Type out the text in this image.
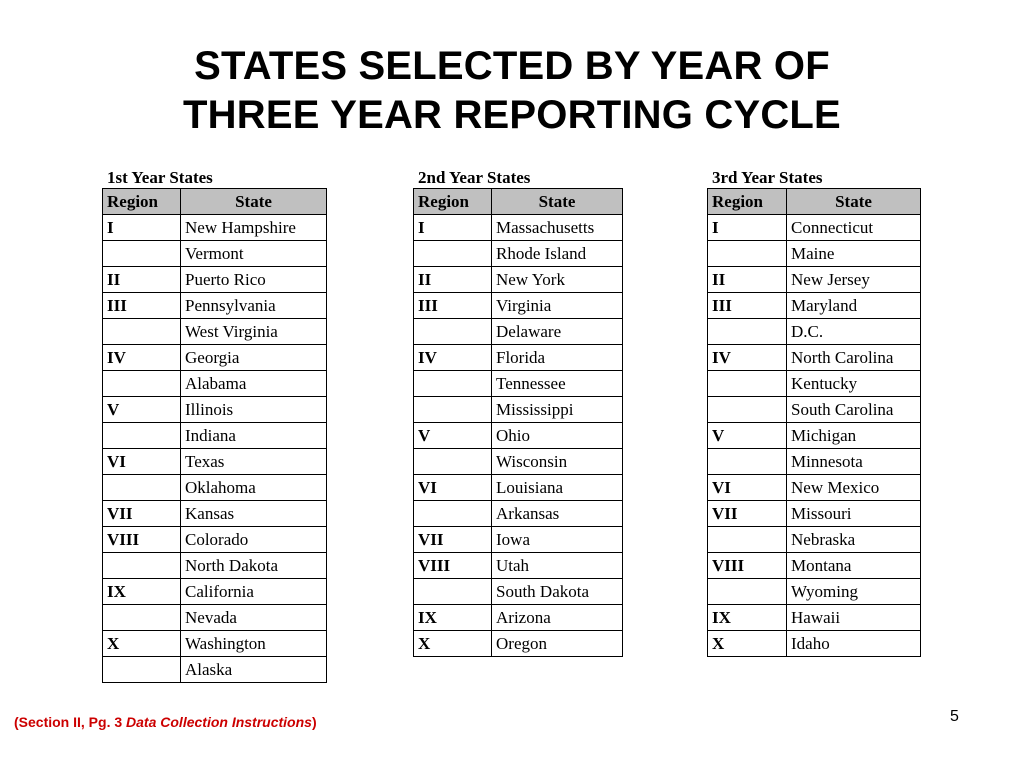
STATES SELECTED BY YEAR OF
THREE YEAR REPORTING CYCLE
1st Year States
Region	State
I	New Hampshire
	Vermont
II	Puerto Rico
III	Pennsylvania
	West Virginia
IV	Georgia
	Alabama
V	Illinois
	Indiana
VI	Texas
	Oklahoma
VII	Kansas
VIII	Colorado
	North Dakota
IX	California
	Nevada
X	Washington
	Alaska
2nd Year States
Region	State
I	Massachusetts
	Rhode Island
II	New York
III	Virginia
	Delaware
IV	Florida
	Tennessee
	Mississippi
V	Ohio
	Wisconsin
VI	Louisiana
	Arkansas
VII	Iowa
VIII	Utah
	South Dakota
IX	Arizona
X	Oregon
3rd Year States
Region	State
I	Connecticut
	Maine
II	New Jersey
III	Maryland
	D.C.
IV	North Carolina
	Kentucky
	South Carolina
V	Michigan
	Minnesota
VI	New Mexico
VII	Missouri
	Nebraska
VIII	Montana
	Wyoming
IX	Hawaii
X	Idaho
(Section II, Pg. 3 Data Collection Instructions)	5
